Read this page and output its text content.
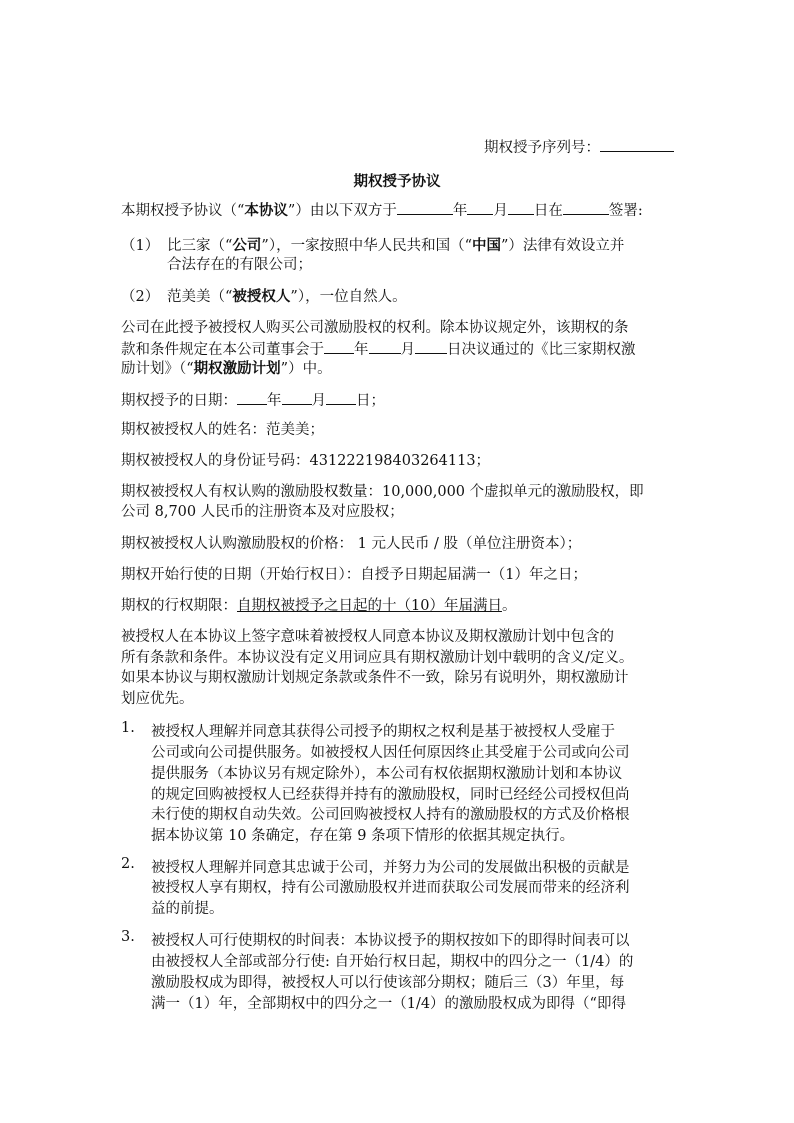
期权授予序列号：
期权授予协议
本期权授予协议（“本协议”）由以下双方于	年 月 日在	签署:
（1） 比三家（“公司”），一家按照中华人民共和国（“中国”）法律有效设立并
合法存在的有限公司；
（2） 范美美（“被授权人”），一位自然人。
公司在此授予被授权人购买公司激励股权的权利。除本协议规定外，该期权的条
款和条件规定在本公司董事会于 年 月 日决议通过的《比三家期权激
励计划》（“期权激励计划”）中。
期权授予的日期： 年 月 日；
期权被授权人的姓名：范美美；
期权被授权人的身份证号码：431222198403264113；
期权被授权人有权认购的激励股权数量：10,000,000 个虚拟单元的激励股权，即
公司 8,700 人民币的注册资本及对应股权；
期权被授权人认购激励股权的价格： 1 元人民币 / 股（单位注册资本）；
期权开始行使的日期（开始行权日）：自授予日期起届满一（1）年之日；
期权的行权期限：自期权被授予之日起的十（10）年届满日。
被授权人在本协议上签字意味着被授权人同意本协议及期权激励计划中包含的
所有条款和条件。本协议没有定义用词应具有期权激励计划中载明的含义/定义。
如果本协议与期权激励计划规定条款或条件不一致，除另有说明外，期权激励计
划应优先。
1. 被授权人理解并同意其获得公司授予的期权之权利是基于被授权人受雇于
公司或向公司提供服务。如被授权人因任何原因终止其受雇于公司或向公司
提供服务（本协议另有规定除外），本公司有权依据期权激励计划和本协议
的规定回购被授权人已经获得并持有的激励股权，同时已经经公司授权但尚
未行使的期权自动失效。公司回购被授权人持有的激励股权的方式及价格根
据本协议第 10 条确定，存在第 9 条项下情形的依据其规定执行。
2. 被授权人理解并同意其忠诚于公司，并努力为公司的发展做出积极的贡献是
被授权人享有期权，持有公司激励股权并进而获取公司发展而带来的经济利
益的前提。
3. 被授权人可行使期权的时间表：本协议授予的期权按如下的即得时间表可以
由被授权人全部或部分行使: 自开始行权日起，期权中的四分之一（1/4）的
激励股权成为即得，被授权人可以行使该部分期权；随后三（3）年里，每
满一（1）年，全部期权中的四分之一（1/4）的激励股权成为即得（“即得
